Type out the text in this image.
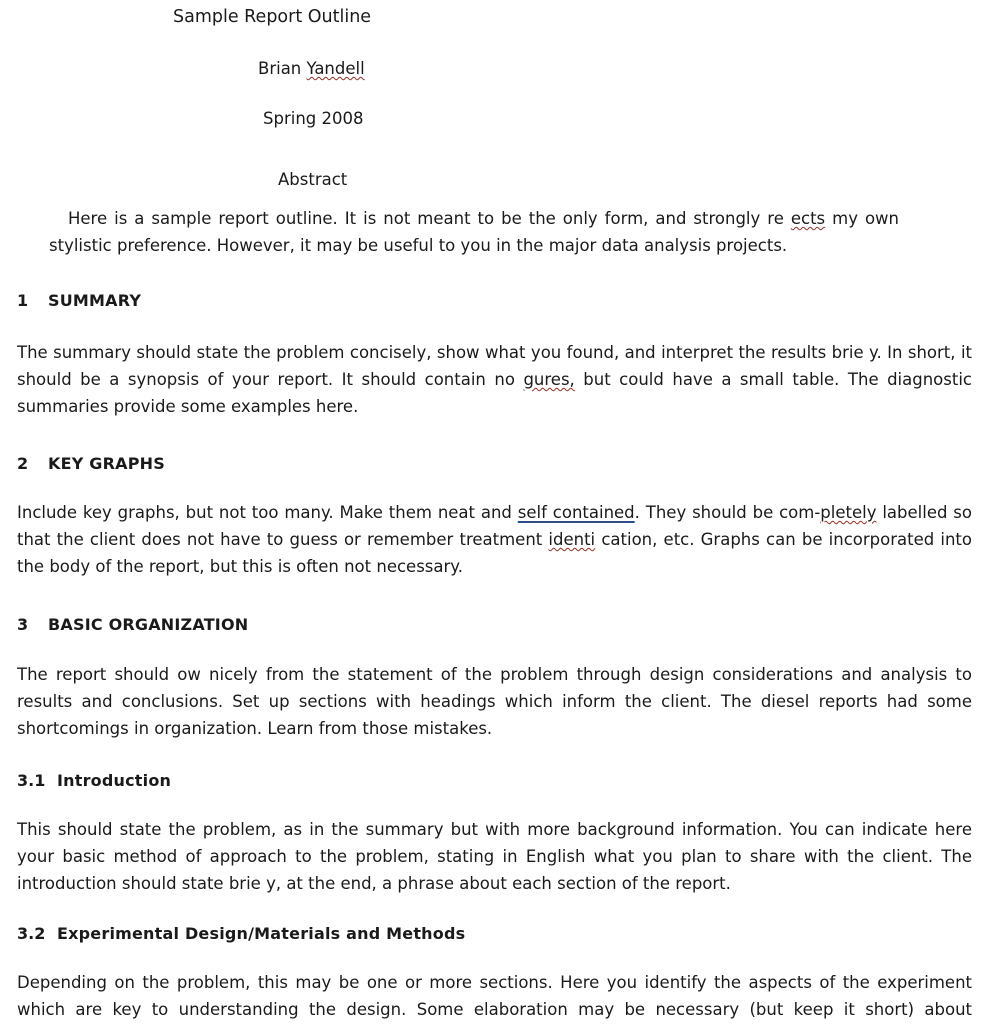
Sample Report Outline
Brian Yandell
Spring 2008
Abstract

Here is a sample report outline. It is not meant to be the only form, and strongly re ects my own stylistic preference. However, it may be useful to you in the major data analysis projects.

1 SUMMARY

The summary should state the problem concisely, show what you found, and interpret the results brie y. In short, it should be a synopsis of your report. It should contain no gures, but could have a small table. The diagnostic summaries provide some examples here.

2 KEY GRAPHS

Include key graphs, but not too many. Make them neat and self contained. They should be com-pletely labelled so that the client does not have to guess or remember treatment identi cation, etc. Graphs can be incorporated into the body of the report, but this is often not necessary.

3 BASIC ORGANIZATION

The report should ow nicely from the statement of the problem through design considerations and analysis to results and conclusions. Set up sections with headings which inform the client. The diesel reports had some shortcomings in organization. Learn from those mistakes.

3.1 Introduction

This should state the problem, as in the summary but with more background information. You can indicate here your basic method of approach to the problem, stating in English what you plan to share with the client. The introduction should state brie y, at the end, a phrase about each section of the report.

3.2 Experimental Design/Materials and Methods

Depending on the problem, this may be one or more sections. Here you identify the aspects of the experiment which are key to understanding the design. Some elaboration may be necessary (but keep it short) about
